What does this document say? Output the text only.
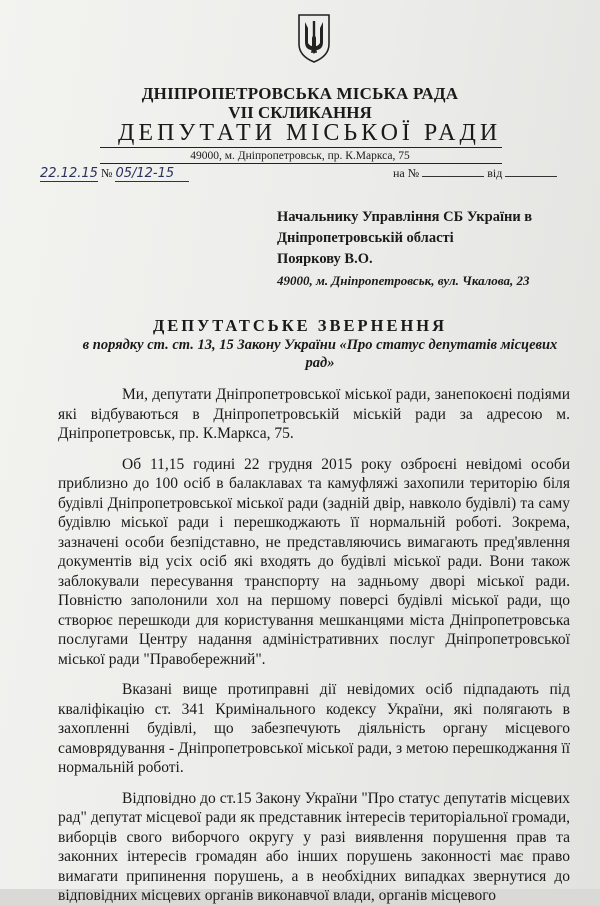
ДНІПРОПЕТРОВСЬКА МІСЬКА РАДА
VII СКЛИКАННЯ
ДЕПУТАТИ МІСЬКОЇ РАДИ
49000, м. Дніпропетровськ, пр. К.Маркса, 75
22.12.15 № 05/12-15	на №	від
Начальнику Управління СБ України в
Дніпропетровській області
Пояркову В.О.
49000, м. Дніпропетровськ, вул. Чкалова, 23
ДЕПУТАТСЬКЕ ЗВЕРНЕННЯ
в порядку ст. ст. 13, 15 Закону України «Про статус депутатів місцевих рад»

Ми, депутати Дніпропетровської міської ради, занепокоєні подіями які відбуваються в Дніпропетровській міській ради за адресою м. Дніпропетровськ, пр. К.Маркса, 75.

Об 11,15 годині 22 грудня 2015 року озброєні невідомі особи приблизно до 100 осіб в балаклавах та камуфляжі захопили територію біля будівлі Дніпропетровської міської ради (задній двір, навколо будівлі) та саму будівлю міської ради і перешкоджають її нормальній роботі. Зокрема, зазначені особи безпідставно, не представляючись вимагають пред'явлення документів від усіх осіб які входять до будівлі міської ради. Вони також заблокували пересування транспорту на задньому дворі міської ради. Повністю заполонили хол на першому поверсі будівлі міської ради, що створює перешкоди для користування мешканцями міста Дніпропетровська послугами Центру надання адміністративних послуг Дніпропетровської міської ради "Правобережний".

Вказані вище протиправні дії невідомих осіб підпадають під кваліфікацію ст. 341 Кримінального кодексу України, які полягають в захопленні будівлі, що забезпечують діяльність органу місцевого самоврядування - Дніпропетровської міської ради, з метою перешкоджання її нормальній роботі.

Відповідно до ст.15 Закону України "Про статус депутатів місцевих рад" депутат місцевої ради як представник інтересів територіальної громади, виборців свого виборчого округу у разі виявлення порушення прав та законних інтересів громадян або інших порушень законності має право вимагати припинення порушень, а в необхідних випадках звернутися до відповідних місцевих органів виконавчої влади, органів місцевого
